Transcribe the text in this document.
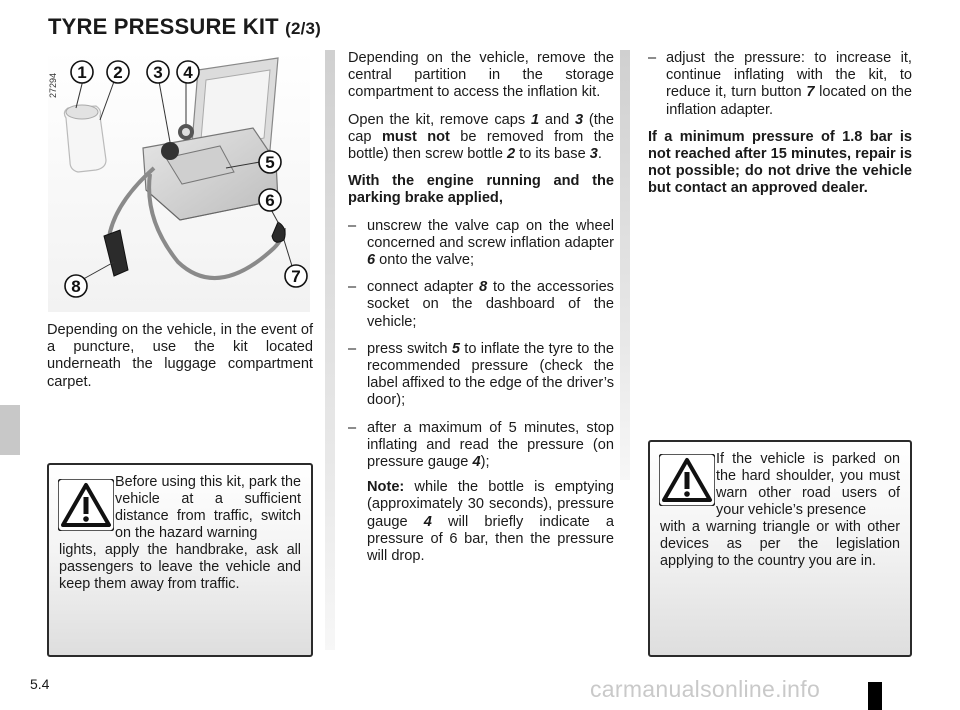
TYRE PRESSURE KIT (2/3)
27294
1 2 3 4
5
6
7
8

Depending on the vehicle, in the event of a puncture, use the kit located underneath the luggage compartment carpet.

Before using this kit, park the vehicle at a sufficient distance from traffic, switch on the hazard warning
lights, apply the handbrake, ask all passengers to leave the vehicle and keep them away from traffic.

Depending on the vehicle, remove the central partition in the storage compartment to access the inflation kit.

Open the kit, remove caps 1 and 3 (the cap must not be removed from the bottle) then screw bottle 2 to its base 3.

With the engine running and the parking brake applied,

– unscrew the valve cap on the wheel concerned and screw inflation adapter 6 onto the valve;
– connect adapter 8 to the accessories socket on the dashboard of the vehicle;
– press switch 5 to inflate the tyre to the recommended pressure (check the label affixed to the edge of the driver’s door);
– after a maximum of 5 minutes, stop inflating and read the pressure (on pressure gauge 4);

Note: while the bottle is emptying (approximately 30 seconds), pressure gauge 4 will briefly indicate a pressure of 6 bar, then the pressure will drop.

– adjust the pressure: to increase it, continue inflating with the kit, to reduce it, turn button 7 located on the inflation adapter.

If a minimum pressure of 1.8 bar is not reached after 15 minutes, repair is not possible; do not drive the vehicle but contact an approved dealer.

If the vehicle is parked on the hard shoulder, you must warn other road users of your vehicle’s presence
with a warning triangle or with other devices as per the legislation applying to the country you are in.
5.4	carmanualsonline.info
